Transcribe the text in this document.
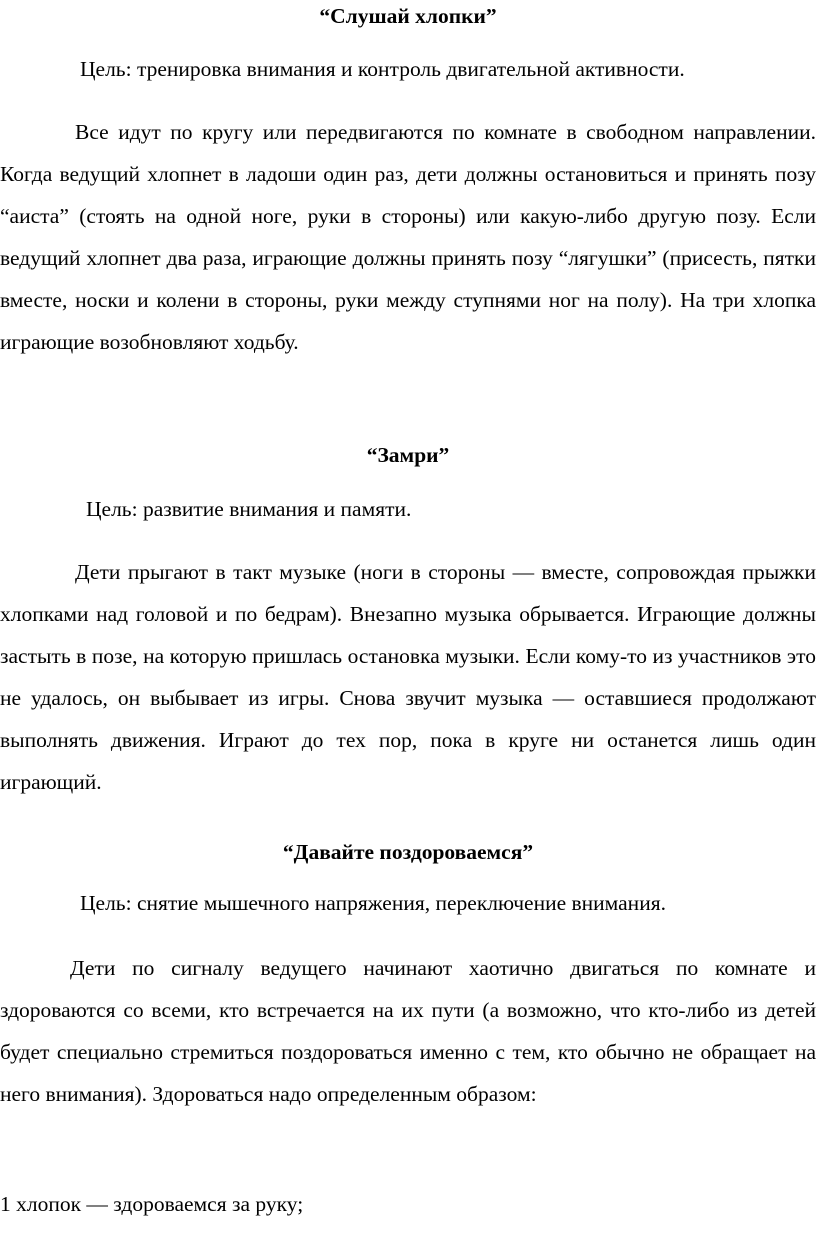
“Слушай хлопки”

Цель: тренировка внимания и контроль двигательной активности.

Все идут по кругу или передвигаются по комнате в свободном направлении. Когда ведущий хлопнет в ладоши один раз, дети должны остановиться и принять позу “аиста” (стоять на одной ноге, руки в стороны) или какую-либо другую позу. Если ведущий хлопнет два раза, играющие должны принять позу “лягушки” (присесть, пятки вместе, носки и колени в стороны, руки между ступнями ног на полу). На три хлопка играющие возобновляют ходьбу.

“Замри”

Цель: развитие внимания и памяти.

Дети прыгают в такт музыке (ноги в стороны — вместе, сопровождая прыжки хлопками над головой и по бедрам). Внезапно музыка обрывается. Играющие должны застыть в позе, на которую пришлась остановка музыки. Если кому-то из участников это не удалось, он выбывает из игры. Снова звучит музыка — оставшиеся продолжают выполнять движения. Играют до тех пор, пока в круге ни останется лишь один играющий.

“Давайте поздороваемся”

Цель: снятие мышечного напряжения, переключение внимания.

Дети по сигналу ведущего начинают хаотично двигаться по комнате и здороваются со всеми, кто встречается на их пути (а возможно, что кто-либо из детей будет специально стремиться поздороваться именно с тем, кто обычно не обращает на него внимания). Здороваться надо определенным образом:

1 хлопок — здороваемся за руку;
